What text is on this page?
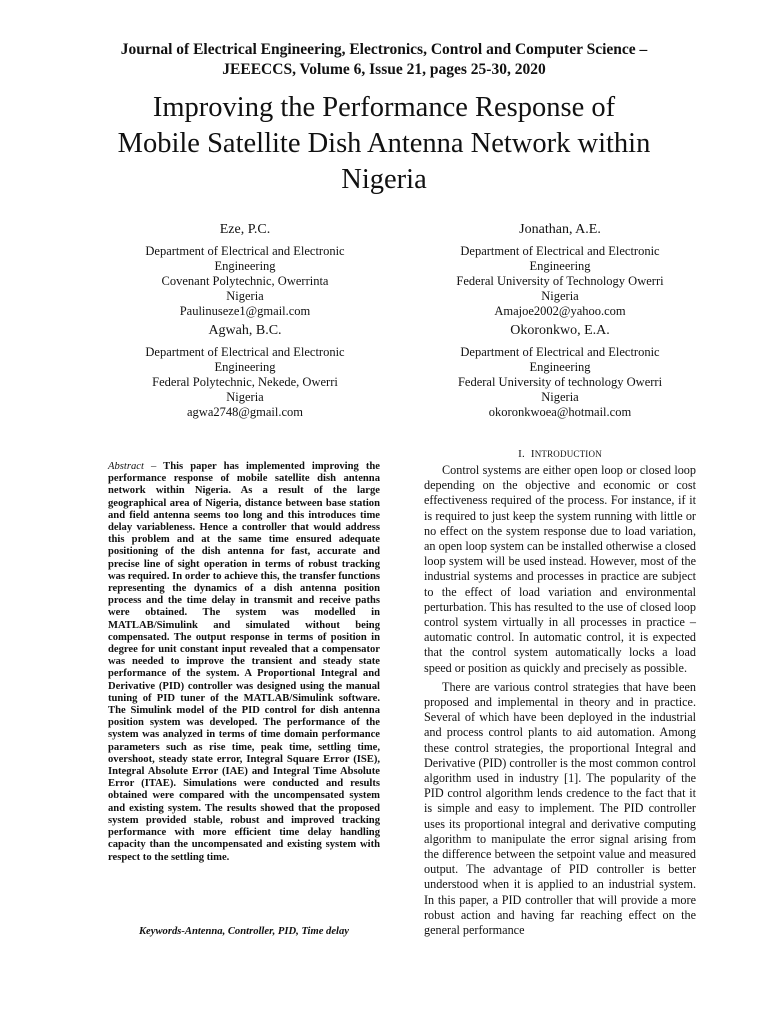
Journal of Electrical Engineering, Electronics, Control and Computer Science –
JEEECCS, Volume 6, Issue 21, pages 25-30, 2020
Improving the Performance Response of
Mobile Satellite Dish Antenna Network within
Nigeria
Eze, P.C.
Department of Electrical and Electronic
Engineering
Covenant Polytechnic, Owerrinta
Nigeria
Paulinuseze1@gmail.com
Jonathan, A.E.
Department of Electrical and Electronic
Engineering
Federal University of Technology Owerri
Nigeria
Amajoe2002@yahoo.com
Agwah, B.C.
Department of Electrical and Electronic
Engineering
Federal Polytechnic, Nekede, Owerri
Nigeria
agwa2748@gmail.com
Okoronkwo, E.A.
Department of Electrical and Electronic
Engineering
Federal University of technology Owerri
Nigeria
okoronkwoea@hotmail.com
Abstract – This paper has implemented improving the performance response of mobile satellite dish antenna network within Nigeria. As a result of the large geographical area of Nigeria, distance between base station and field antenna seems too long and this introduces time delay variableness. Hence a controller that would address this problem and at the same time ensured adequate positioning of the dish antenna for fast, accurate and precise line of sight operation in terms of robust tracking was required. In order to achieve this, the transfer functions representing the dynamics of a dish antenna position process and the time delay in transmit and receive paths were obtained. The system was modelled in MATLAB/Simulink and simulated without being compensated. The output response in terms of position in degree for unit constant input revealed that a compensator was needed to improve the transient and steady state performance of the system. A Proportional Integral and Derivative (PID) controller was designed using the manual tuning of PID tuner of the MATLAB/Simulink software. The Simulink model of the PID control for dish antenna position system was developed. The performance of the system was analyzed in terms of time domain performance parameters such as rise time, peak time, settling time, overshoot, steady state error, Integral Square Error (ISE), Integral Absolute Error (IAE) and Integral Time Absolute Error (ITAE). Simulations were conducted and results obtained were compared with the uncompensated system and existing system. The results showed that the proposed system provided stable, robust and improved tracking performance with more efficient time delay handling capacity than the uncompensated and existing system with respect to the settling time.
Keywords-Antenna, Controller, PID, Time delay
I. INTRODUCTION

Control systems are either open loop or closed loop depending on the objective and economic or cost effectiveness required of the process. For instance, if it is required to just keep the system running with little or no effect on the system response due to load variation, an open loop system can be installed otherwise a closed loop system will be used instead. However, most of the industrial systems and processes in practice are subject to the effect of load variation and environmental perturbation. This has resulted to the use of closed loop control system virtually in all processes in practice –automatic control. In automatic control, it is expected that the control system automatically locks a load speed or position as quickly and precisely as possible.

There are various control strategies that have been proposed and implemental in theory and in practice. Several of which have been deployed in the industrial and process control plants to aid automation. Among these control strategies, the proportional Integral and Derivative (PID) controller is the most common control algorithm used in industry [1]. The popularity of the PID control algorithm lends credence to the fact that it is simple and easy to implement. The PID controller uses its proportional integral and derivative computing algorithm to manipulate the error signal arising from the difference between the setpoint value and measured output. The advantage of PID controller is better understood when it is applied to an industrial system. In this paper, a PID controller that will provide a more robust action and having far reaching effect on the general performance
